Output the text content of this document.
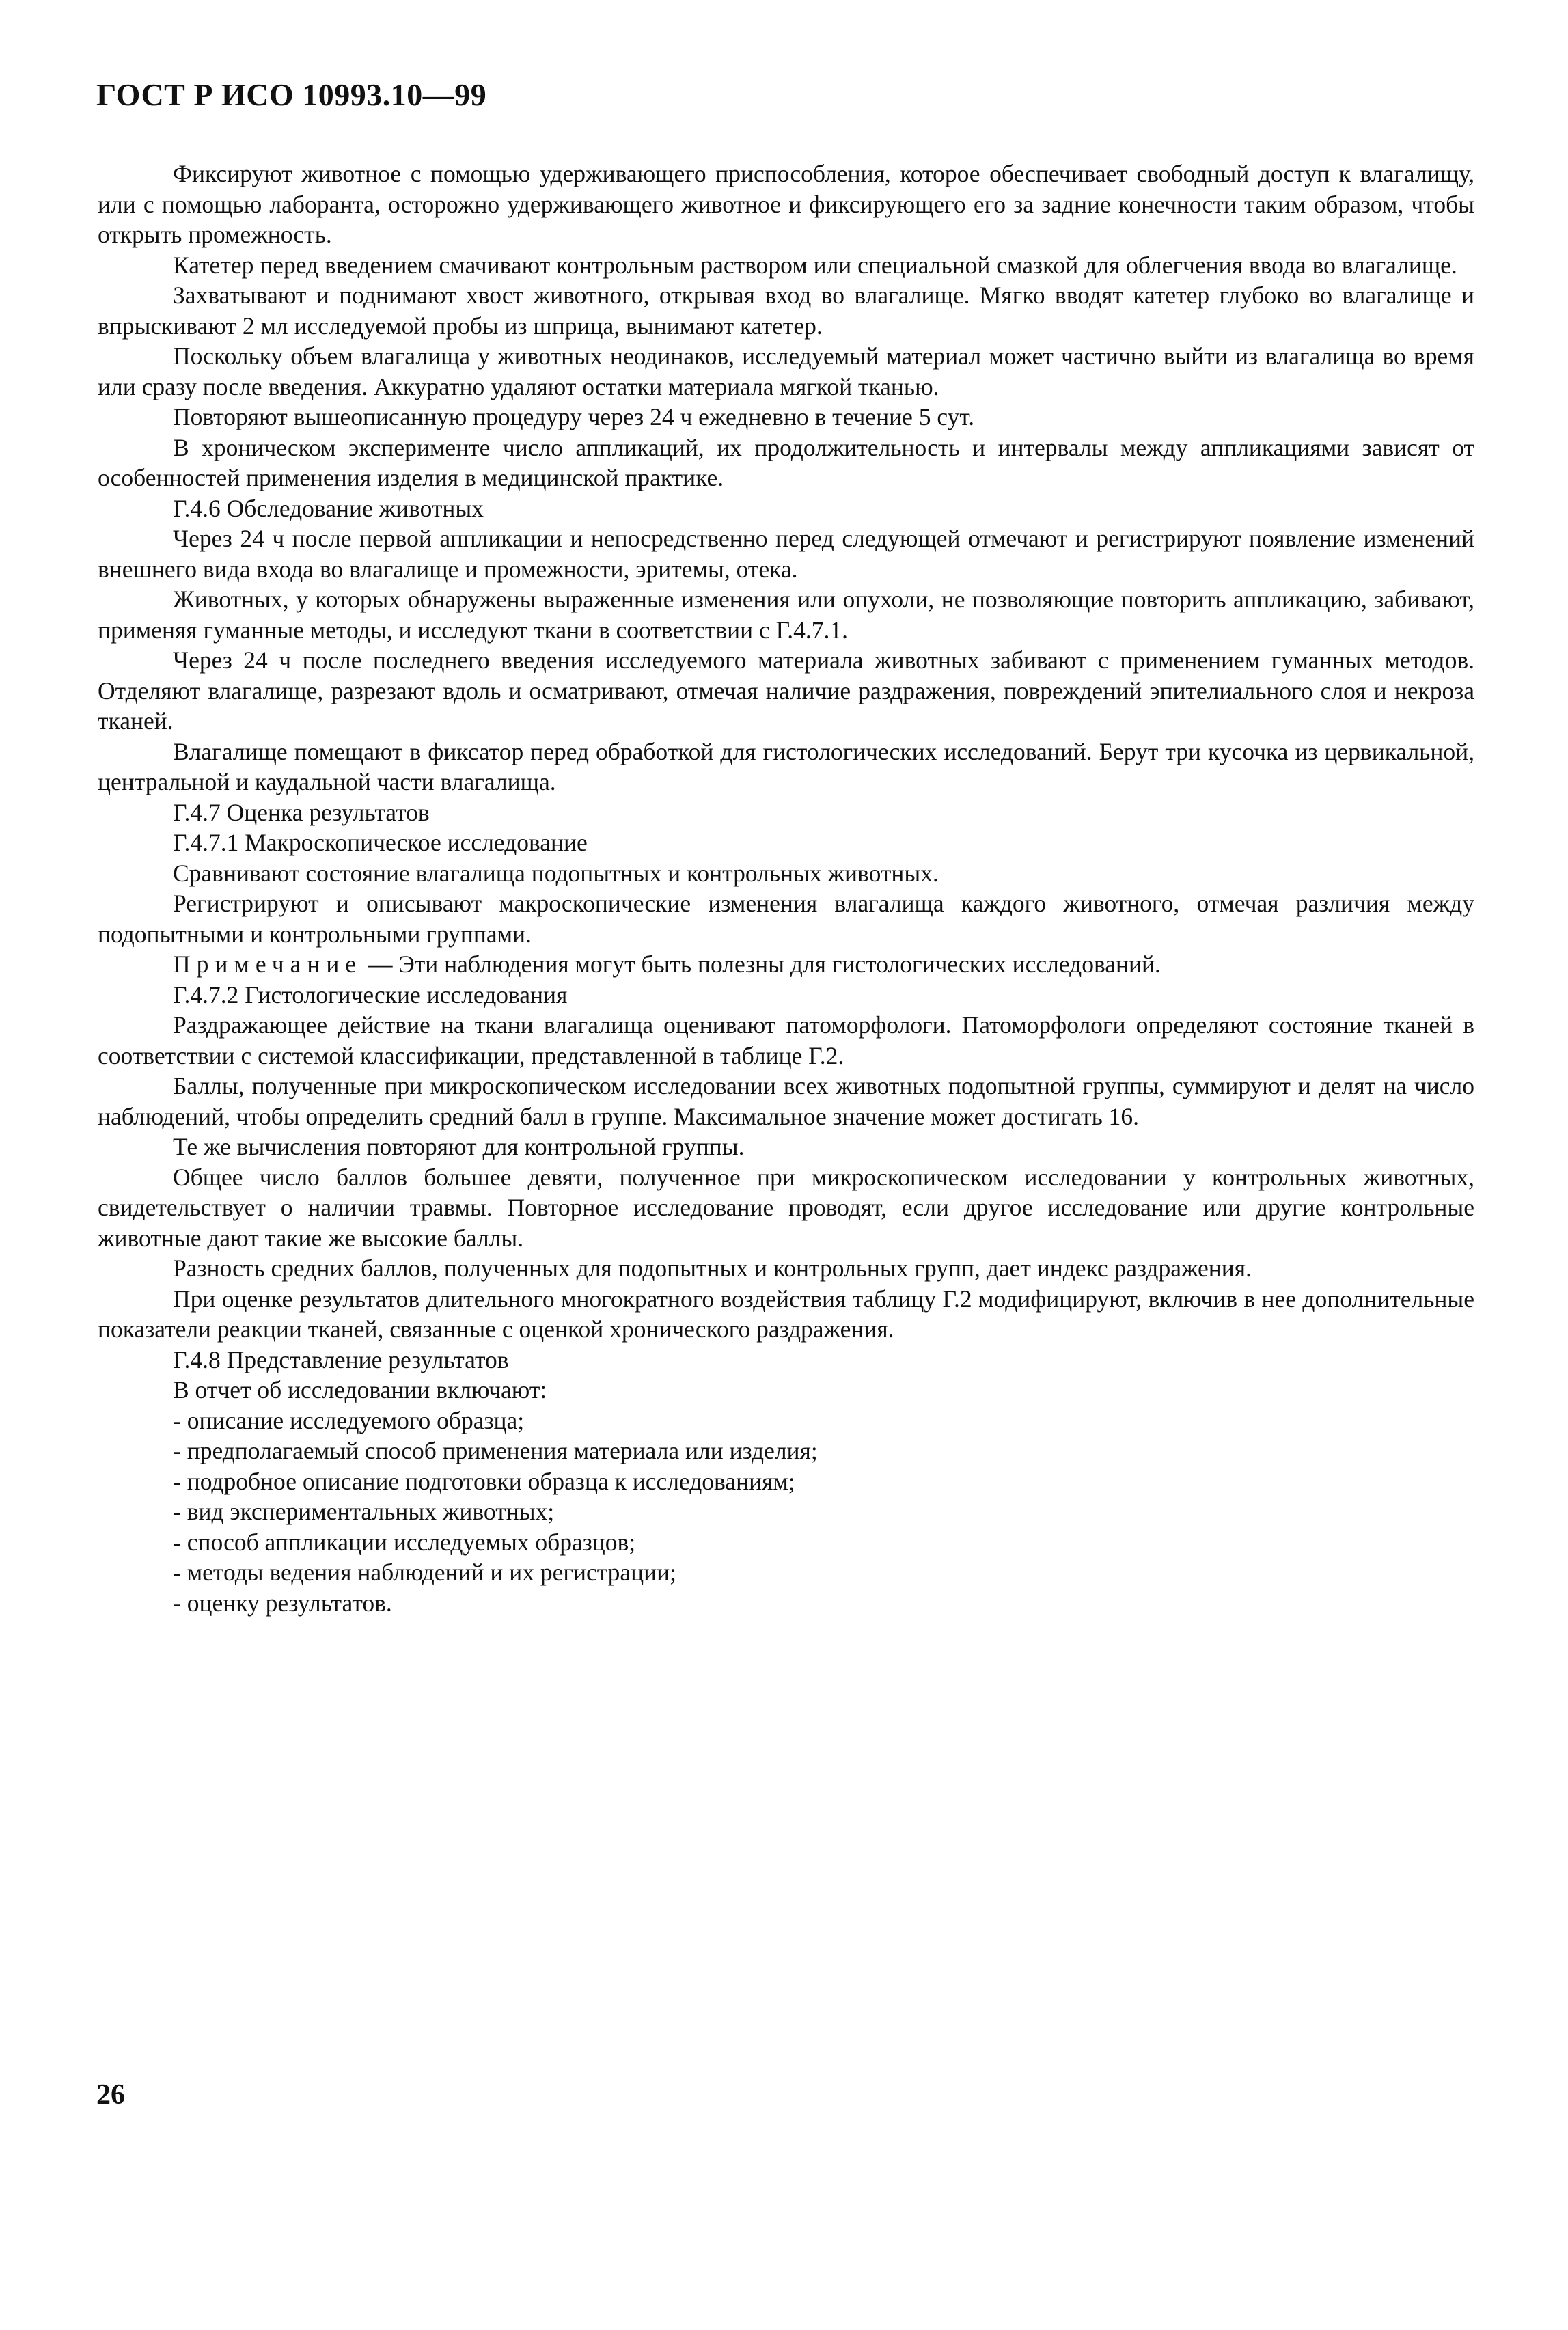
ГОСТ Р ИСО 10993.10—99

Фиксируют животное с помощью удерживающего приспособления, которое обеспечивает свободный доступ к влагалищу, или с помощью лаборанта, осторожно удерживающего животное и фиксирующего его за задние конечности таким образом, чтобы открыть промежность.

Катетер перед введением смачивают контрольным раствором или специальной смазкой для облегчения ввода во влагалище.

Захватывают и поднимают хвост животного, открывая вход во влагалище. Мягко вводят катетер глубоко во влагалище и впрыскивают 2 мл исследуемой пробы из шприца, вынимают катетер.

Поскольку объем влагалища у животных неодинаков, исследуемый материал может частично выйти из влагалища во время или сразу после введения. Аккуратно удаляют остатки материала мягкой тканью.

Повторяют вышеописанную процедуру через 24 ч ежедневно в течение 5 сут.

В хроническом эксперименте число аппликаций, их продолжительность и интервалы между аппликациями зависят от особенностей применения изделия в медицинской практике.

Г.4.6 Обследование животных

Через 24 ч после первой аппликации и непосредственно перед следующей отмечают и регистрируют появление изменений внешнего вида входа во влагалище и промежности, эритемы, отека.

Животных, у которых обнаружены выраженные изменения или опухоли, не позволяющие повторить аппликацию, забивают, применяя гуманные методы, и исследуют ткани в соответствии с Г.4.7.1.

Через 24 ч после последнего введения исследуемого материала животных забивают с применением гуманных методов. Отделяют влагалище, разрезают вдоль и осматривают, отмечая наличие раздражения, повреждений эпителиального слоя и некроза тканей.

Влагалище помещают в фиксатор перед обработкой для гистологических исследований. Берут три кусочка из цервикальной, центральной и каудальной части влагалища.

Г.4.7 Оценка результатов

Г.4.7.1 Макроскопическое исследование

Сравнивают состояние влагалища подопытных и контрольных животных.

Регистрируют и описывают макроскопические изменения влагалища каждого животного, отмечая различия между подопытными и контрольными группами.

Примечание — Эти наблюдения могут быть полезны для гистологических исследований.

Г.4.7.2 Гистологические исследования

Раздражающее действие на ткани влагалища оценивают патоморфологи. Патоморфологи определяют состояние тканей в соответствии с системой классификации, представленной в таблице Г.2.

Баллы, полученные при микроскопическом исследовании всех животных подопытной группы, суммируют и делят на число наблюдений, чтобы определить средний балл в группе. Максимальное значение может достигать 16.

Те же вычисления повторяют для контрольной группы.

Общее число баллов большее девяти, полученное при микроскопическом исследовании у контрольных животных, свидетельствует о наличии травмы. Повторное исследование проводят, если другое исследование или другие контрольные животные дают такие же высокие баллы.

Разность средних баллов, полученных для подопытных и контрольных групп, дает индекс раздражения.

При оценке результатов длительного многократного воздействия таблицу Г.2 модифицируют, включив в нее дополнительные показатели реакции тканей, связанные с оценкой хронического раздражения.

Г.4.8 Представление результатов

В отчет об исследовании включают:

- описание исследуемого образца;

- предполагаемый способ применения материала или изделия;

- подробное описание подготовки образца к исследованиям;

- вид экспериментальных животных;

- способ аппликации исследуемых образцов;

- методы ведения наблюдений и их регистрации;

- оценку результатов.

26
